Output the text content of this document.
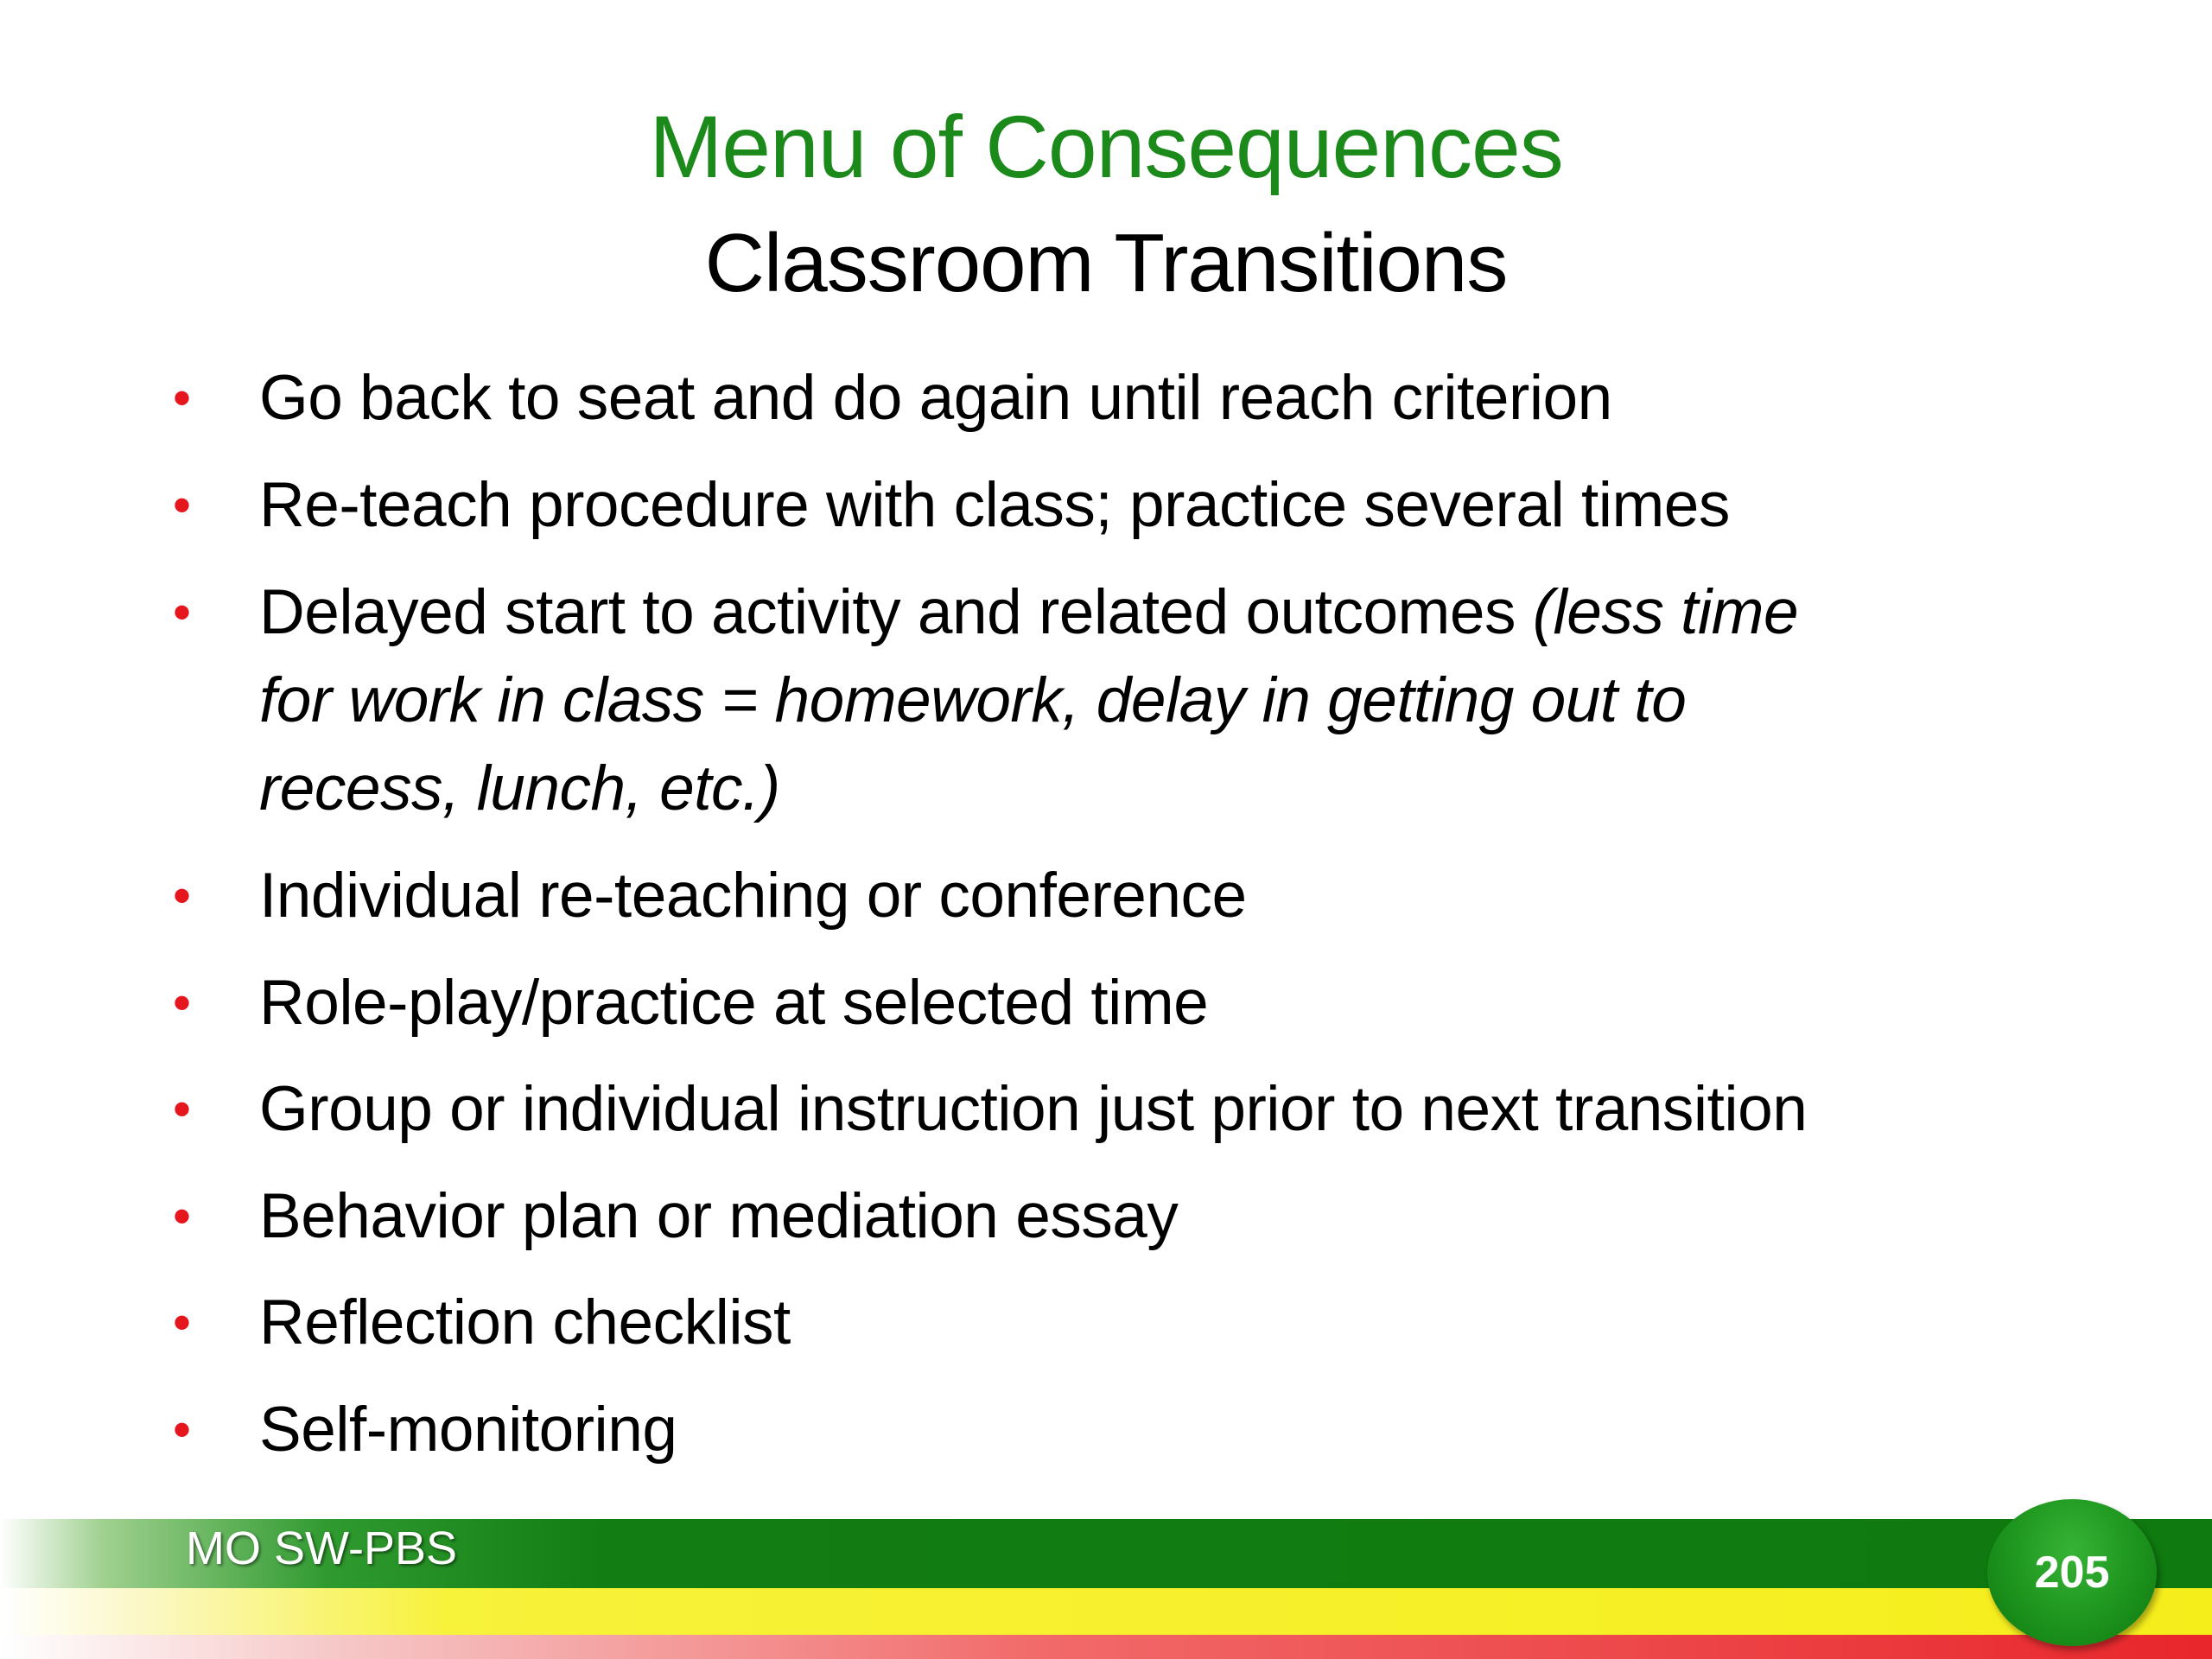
Menu of Consequences
Classroom Transitions
• Go back to seat and do again until reach criterion
• Re-teach procedure with class; practice several times
• Delayed start to activity and related outcomes (less time
for work in class = homework, delay in getting out to
recess, lunch, etc.)
• Individual re-teaching or conference
• Role-play/practice at selected time
• Group or individual instruction just prior to next transition
• Behavior plan or mediation essay
• Reflection checklist
• Self-monitoring
MO SW-PBS	205
